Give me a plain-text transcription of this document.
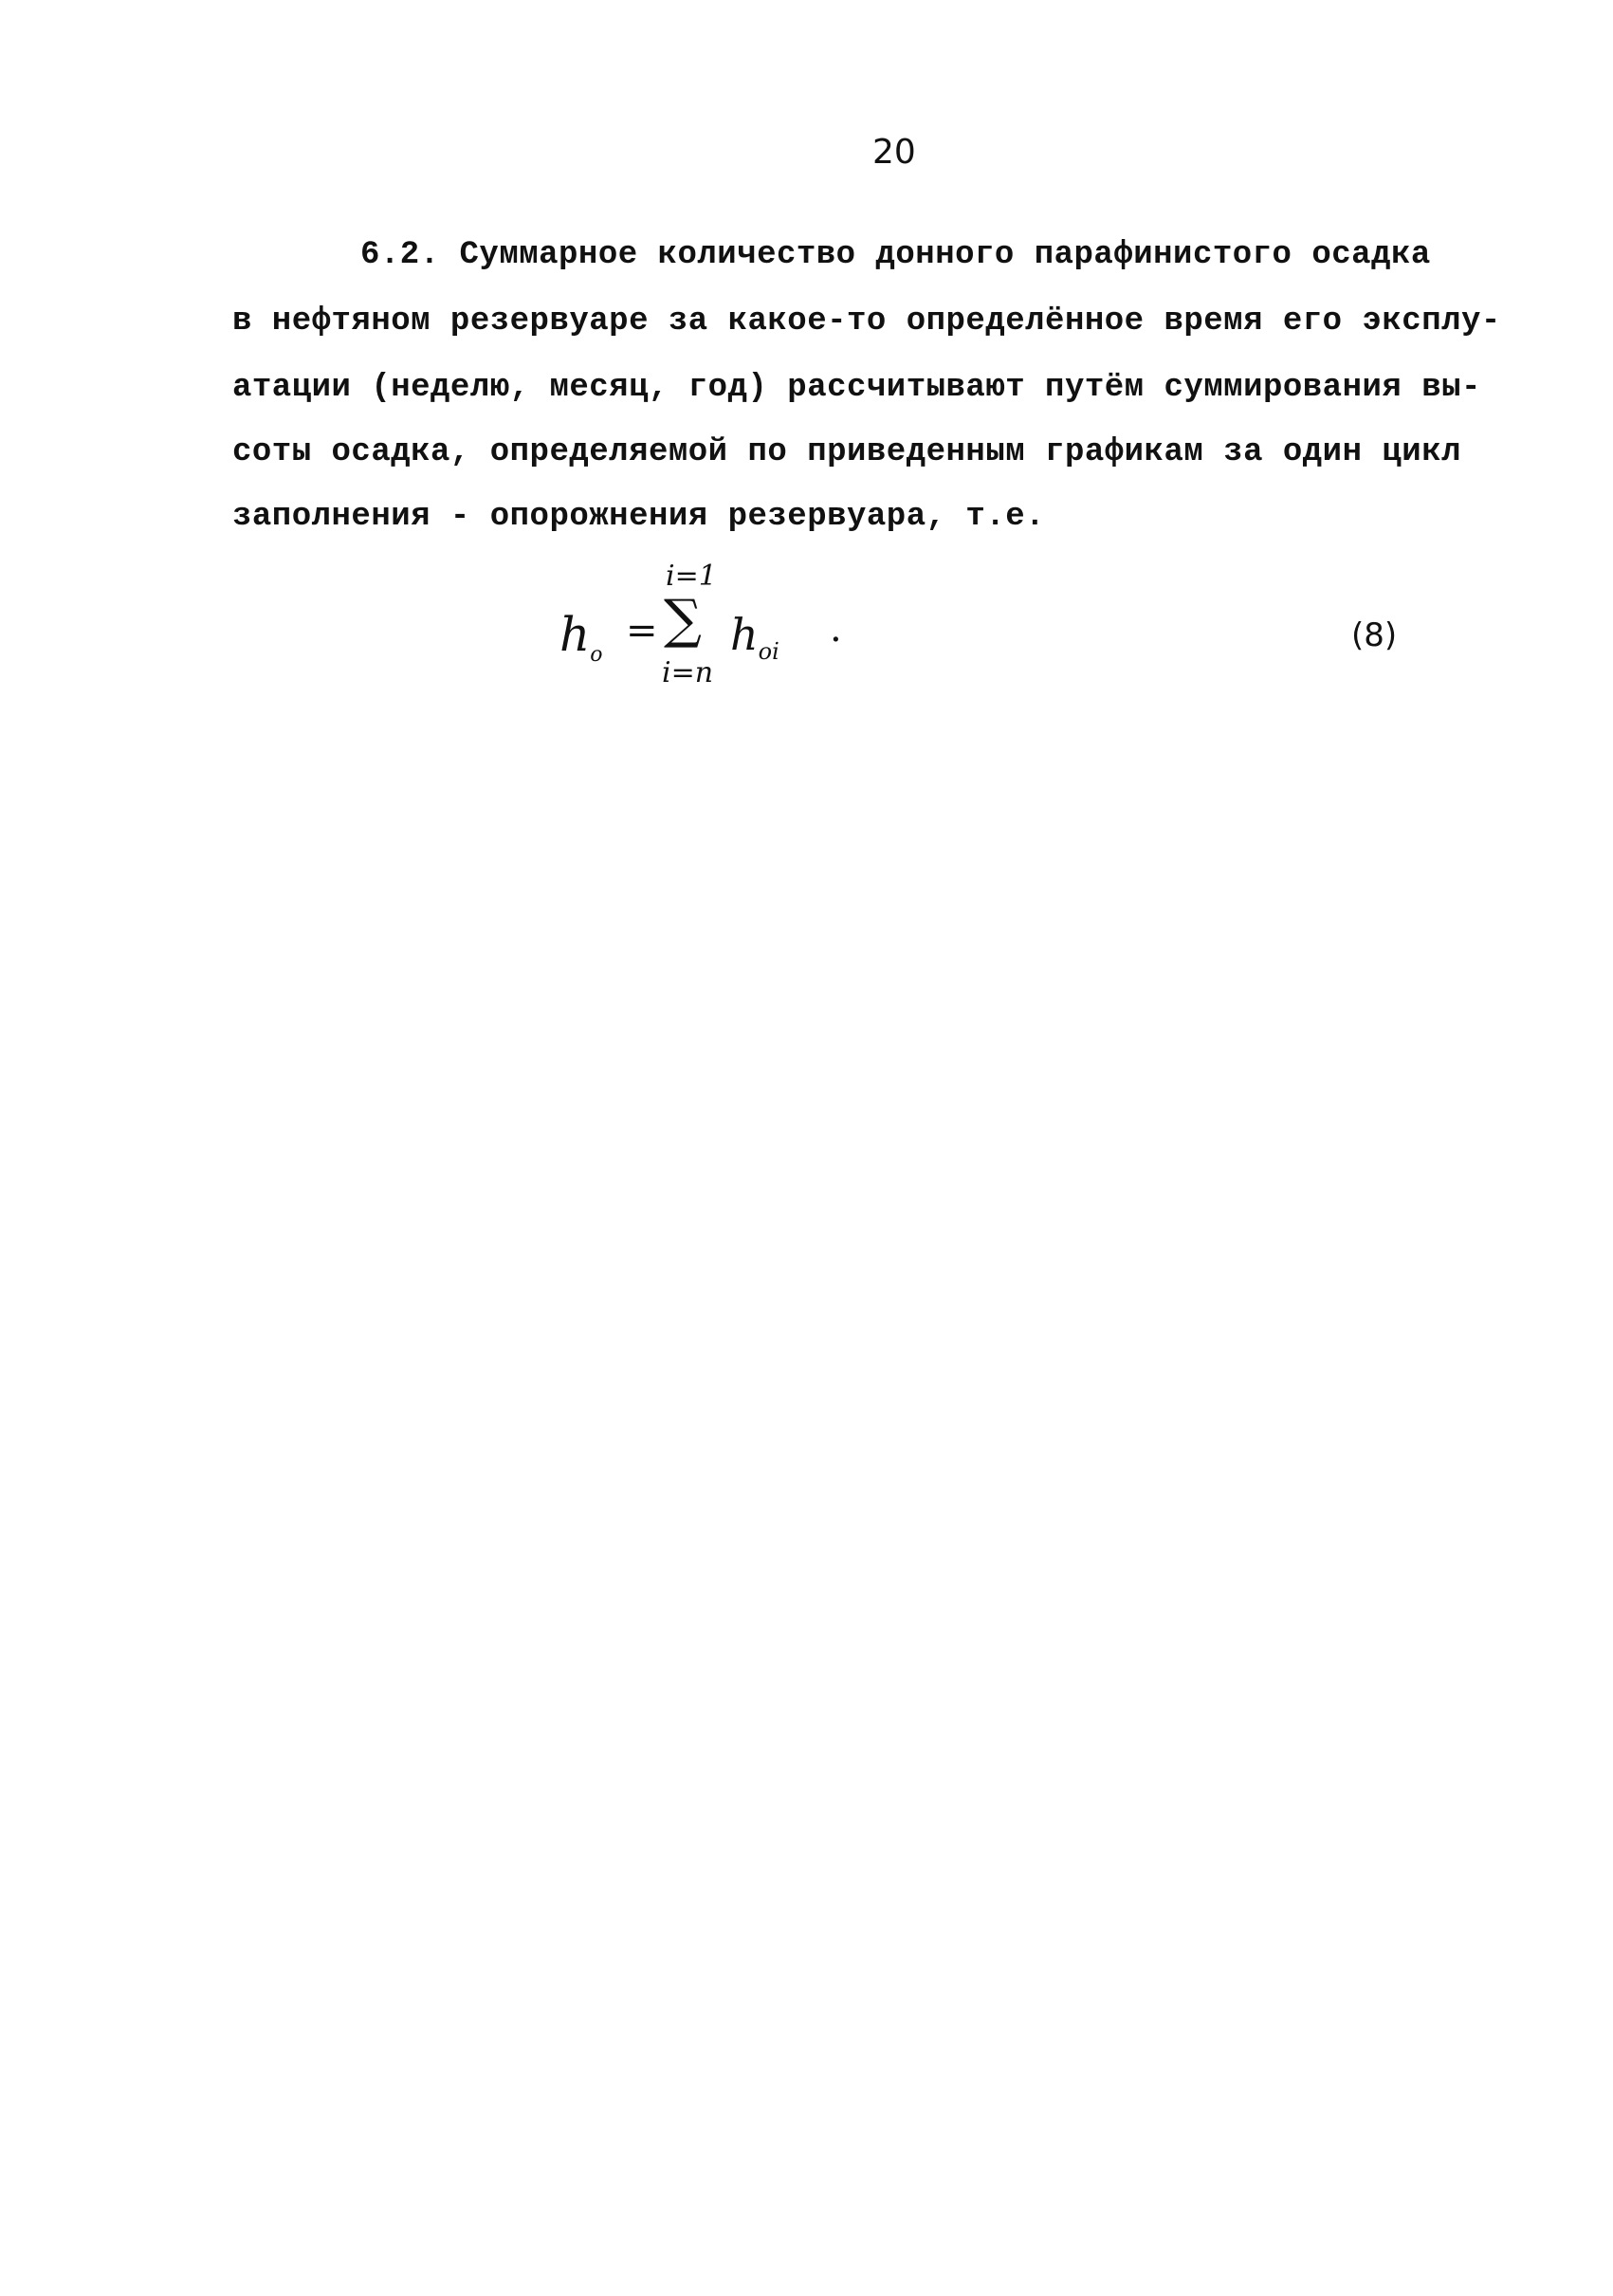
20
6.2. Суммарное количество донного парафинистого осадка
в нефтяном резервуаре за какое-то определённое время его эксплу-
атации (неделю, месяц, год) рассчитывают путём суммирования вы-
соты осадка, определяемой по приведенным графикам за один цикл
заполнения - опорожнения резервуара, т.е.
$h_o$
=
i=1
∑
i=n
$h_{oi}$
.	(8)
